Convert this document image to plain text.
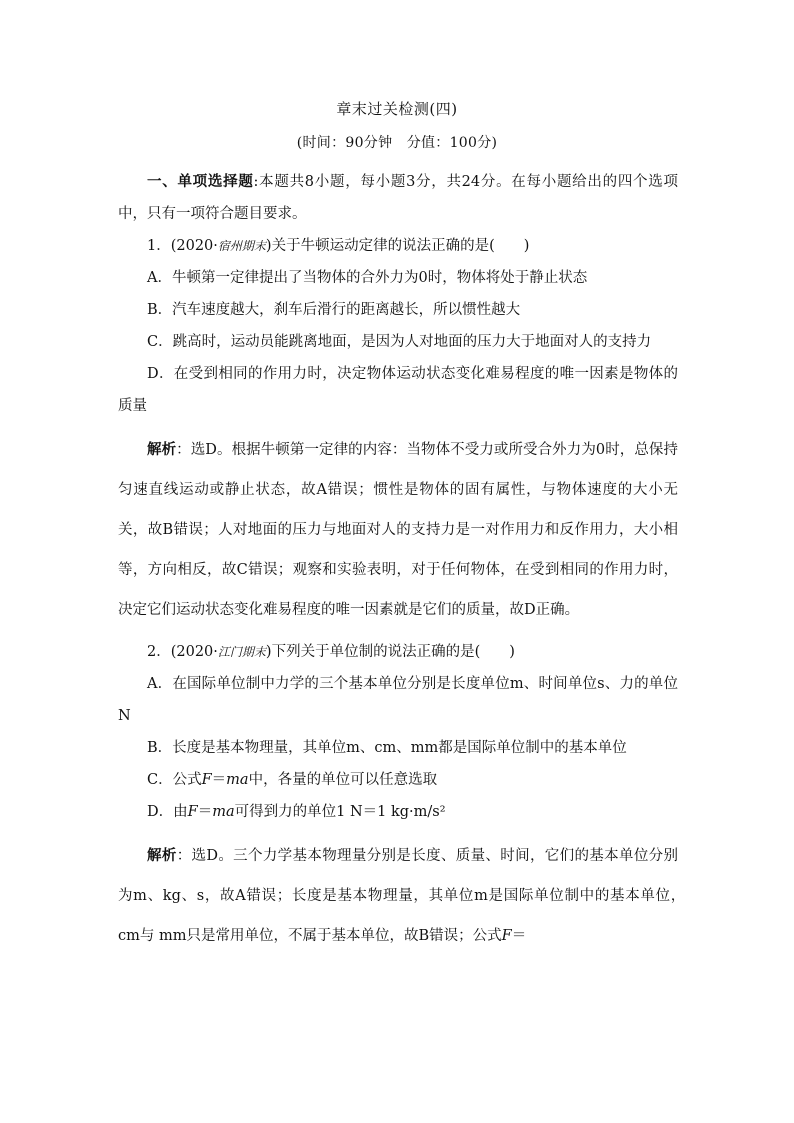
章末过关检测(四)
(时间：90分钟　分值：100分)

一、单项选择题:本题共8小题，每小题3分，共24分。在每小题给出的四个选项中，只有一项符合题目要求。

1．(2020·宿州期末)关于牛顿运动定律的说法正确的是(　　)

A．牛顿第一定律提出了当物体的合外力为0时，物体将处于静止状态

B．汽车速度越大，刹车后滑行的距离越长，所以惯性越大

C．跳高时，运动员能跳离地面，是因为人对地面的压力大于地面对人的支持力

D．在受到相同的作用力时，决定物体运动状态变化难易程度的唯一因素是物体的质量

解析：选D。根据牛顿第一定律的内容：当物体不受力或所受合外力为0时，总保持匀速直线运动或静止状态，故A错误；惯性是物体的固有属性，与物体速度的大小无关，故B错误；人对地面的压力与地面对人的支持力是一对作用力和反作用力，大小相等，方向相反，故C错误；观察和实验表明，对于任何物体，在受到相同的作用力时，决定它们运动状态变化难易程度的唯一因素就是它们的质量，故D正确。

2．(2020·江门期末)下列关于单位制的说法正确的是(　　)

A．在国际单位制中力学的三个基本单位分别是长度单位m、时间单位s、力的单位N

B．长度是基本物理量，其单位m、cm、mm都是国际单位制中的基本单位

C．公式F＝ma中，各量的单位可以任意选取

D．由F＝ma可得到力的单位1 N＝1 kg·m/s²

解析：选D。三个力学基本物理量分别是长度、质量、时间，它们的基本单位分别为m、kg、s，故A错误；长度是基本物理量，其单位m是国际单位制中的基本单位，　cm与 mm只是常用单位，不属于基本单位，故B错误；公式F＝
